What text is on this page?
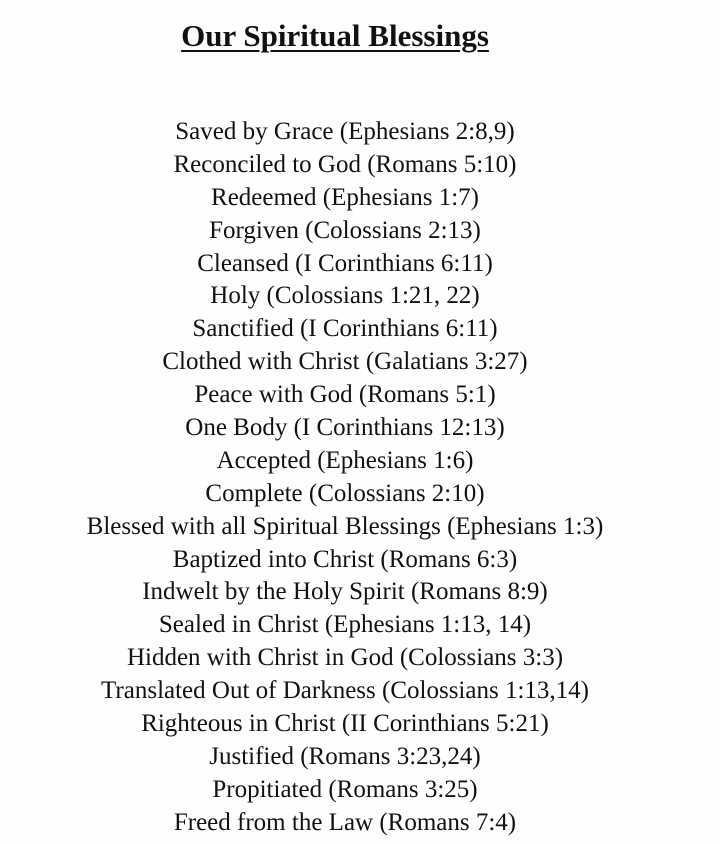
Our Spiritual Blessings
Saved by Grace (Ephesians 2:8,9)
Reconciled to God (Romans 5:10)
Redeemed (Ephesians 1:7)
Forgiven (Colossians 2:13)
Cleansed (I Corinthians 6:11)
Holy (Colossians 1:21, 22)
Sanctified (I Corinthians 6:11)
Clothed with Christ (Galatians 3:27)
Peace with God (Romans 5:1)
One Body (I Corinthians 12:13)
Accepted (Ephesians 1:6)
Complete (Colossians 2:10)
Blessed with all Spiritual Blessings (Ephesians 1:3)
Baptized into Christ (Romans 6:3)
Indwelt by the Holy Spirit (Romans 8:9)
Sealed in Christ (Ephesians 1:13, 14)
Hidden with Christ in God (Colossians 3:3)
Translated Out of Darkness (Colossians 1:13,14)
Righteous in Christ (II Corinthians 5:21)
Justified (Romans 3:23,24)
Propitiated (Romans 3:25)
Freed from the Law (Romans 7:4)
